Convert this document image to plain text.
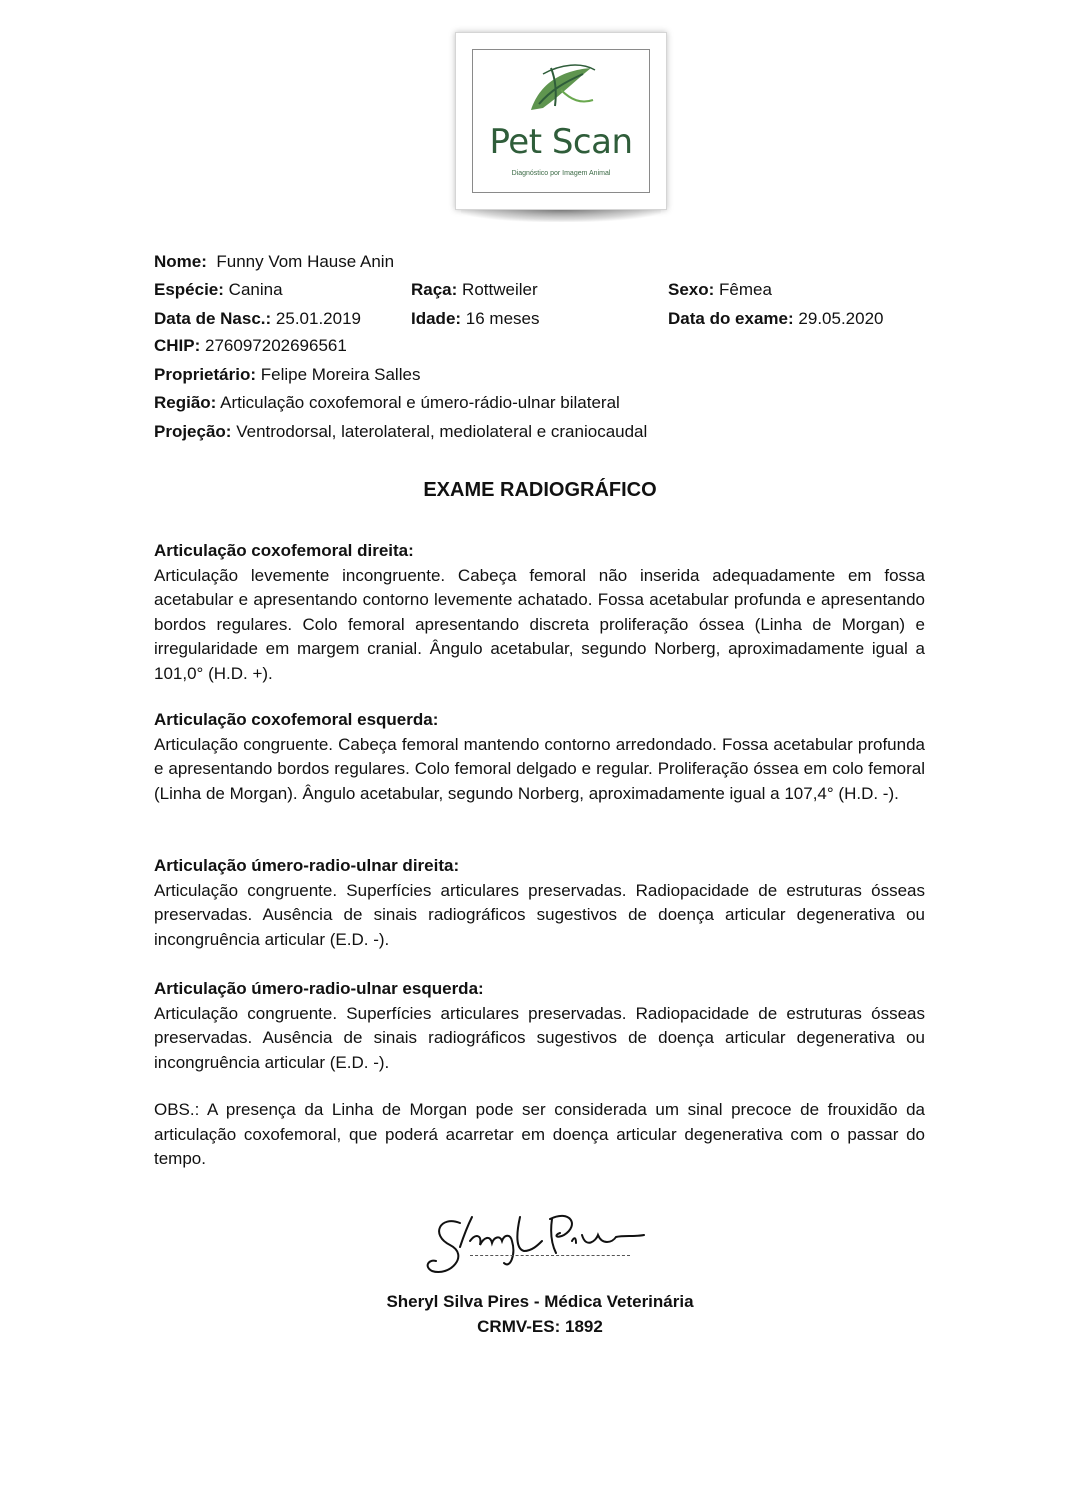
Pet Scan
Diagnóstico por Imagem Animal
Nome: Funny Vom Hause Anin
Espécie: Canina	Raça: Rottweiler	Sexo: Fêmea
Data de Nasc.: 25.01.2019	Idade: 16 meses	Data do exame: 29.05.2020
CHIP: 276097202696561
Proprietário: Felipe Moreira Salles
Região: Articulação coxofemoral e úmero-rádio-ulnar bilateral
Projeção: Ventrodorsal, laterolateral, mediolateral e craniocaudal
EXAME RADIOGRÁFICO
Articulação coxofemoral direita:
Articulação levemente incongruente. Cabeça femoral não inserida adequadamente em fossa acetabular e apresentando contorno levemente achatado. Fossa acetabular profunda e apresentando bordos regulares. Colo femoral apresentando discreta proliferação óssea (Linha de Morgan) e irregularidade em margem cranial. Ângulo acetabular, segundo Norberg, aproximadamente igual a 101,0° (H.D. +).
Articulação coxofemoral esquerda:
Articulação congruente. Cabeça femoral mantendo contorno arredondado. Fossa acetabular profunda e apresentando bordos regulares. Colo femoral delgado e regular. Proliferação óssea em colo femoral (Linha de Morgan). Ângulo acetabular, segundo Norberg, aproximadamente igual a 107,4° (H.D. -).
Articulação úmero-radio-ulnar direita:
Articulação congruente. Superfícies articulares preservadas. Radiopacidade de estruturas ósseas preservadas. Ausência de sinais radiográficos sugestivos de doença articular degenerativa ou incongruência articular (E.D. -).
Articulação úmero-radio-ulnar esquerda:
Articulação congruente. Superfícies articulares preservadas. Radiopacidade de estruturas ósseas preservadas. Ausência de sinais radiográficos sugestivos de doença articular degenerativa ou incongruência articular (E.D. -).
OBS.: A presença da Linha de Morgan pode ser considerada um sinal precoce de frouxidão da articulação coxofemoral, que poderá acarretar em doença articular degenerativa com o passar do tempo.
Sheryl Silva Pires - Médica Veterinária
CRMV-ES: 1892
